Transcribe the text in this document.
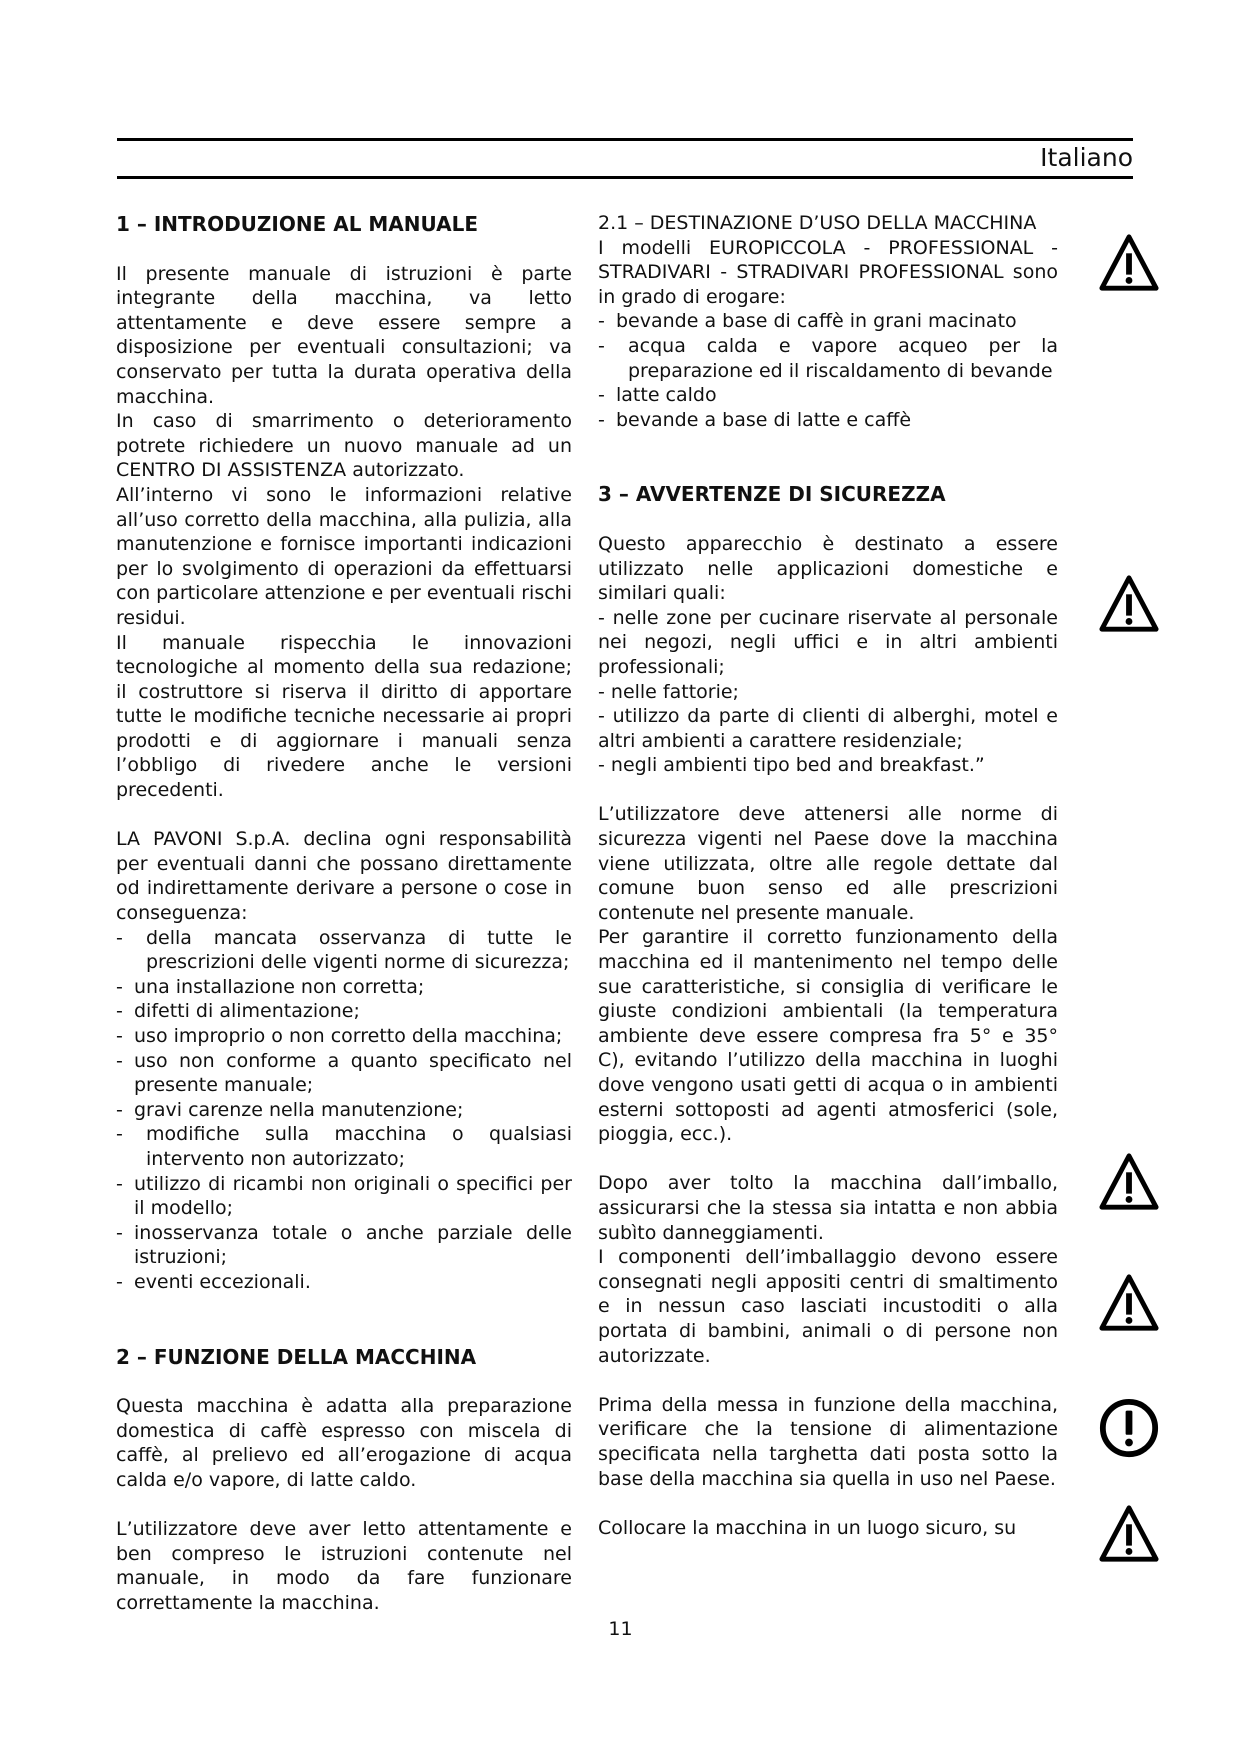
Italiano
1 – INTRODUZIONE AL MANUALE

Il presente manuale di istruzioni è parte integrante della macchina, va letto attentamente e deve essere sempre a disposizione per eventuali consultazioni; va conservato per tutta la durata operativa della macchina.

In caso di smarrimento o deterioramento potrete richiedere un nuovo manuale ad un CENTRO DI ASSISTENZA autorizzato.

All’interno vi sono le informazioni relative all’uso corretto della macchina, alla pulizia, alla manutenzione e fornisce importanti indicazioni per lo svolgimento di operazioni da effettuarsi con particolare attenzione e per eventuali rischi residui.

Il manuale rispecchia le innovazioni tecnologiche al momento della sua redazione; il costruttore si riserva il diritto di apportare tutte le modifiche tecniche necessarie ai propri prodotti e di aggiornare i manuali senza l’obbligo di rivedere anche le versioni precedenti.

LA PAVONI S.p.A. declina ogni responsabilità per eventuali danni che possano direttamente od indirettamente derivare a persone o cose in conseguenza:

-	della mancata osservanza di tutte le prescrizioni delle vigenti norme di sicurezza;
- una installazione non corretta;
- difetti di alimentazione;
- uso improprio o non corretto della macchina;
- uso non conforme a quanto specificato nel presente manuale;
- gravi carenze nella manutenzione;
-	modifiche sulla macchina o qualsiasi intervento non autorizzato;
- utilizzo di ricambi non originali o specifici per il modello;
- inosservanza totale o anche parziale delle istruzioni;
- eventi eccezionali.
2 – FUNZIONE DELLA MACCHINA

Questa macchina è adatta alla preparazione domestica di caffè espresso con miscela di caffè, al prelievo ed all’erogazione di acqua calda e/o vapore, di latte caldo.

L’utilizzatore deve aver letto attentamente e ben compreso le istruzioni contenute nel manuale, in modo da fare funzionare correttamente la macchina.

2.1 – DESTINAZIONE D’USO DELLA MACCHINA

I modelli EUROPICCOLA - PROFESSIONAL - STRADIVARI - STRADIVARI PROFESSIONAL sono in grado di erogare:

- bevande a base di caffè in grani macinato
-	acqua calda e vapore acqueo per la preparazione ed il riscaldamento di bevande
- latte caldo
- bevande a base di latte e caffè
3 – AVVERTENZE DI SICUREZZA

Questo apparecchio è destinato a essere utilizzato nelle applicazioni domestiche e similari quali:

- nelle zone per cucinare riservate al personale nei negozi, negli uffici e in altri ambienti professionali;

- nelle fattorie;

- utilizzo da parte di clienti di alberghi, motel e altri ambienti a carattere residenziale;

- negli ambienti tipo bed and breakfast.”

L’utilizzatore deve attenersi alle norme di sicurezza vigenti nel Paese dove la macchina viene utilizzata, oltre alle regole dettate dal comune buon senso ed alle prescrizioni contenute nel presente manuale.

Per garantire il corretto funzionamento della macchina ed il mantenimento nel tempo delle sue caratteristiche, si consiglia di verificare le giuste condizioni ambientali (la temperatura ambiente deve essere compresa fra 5° e 35° C), evitando l’utilizzo della macchina in luoghi dove vengono usati getti di acqua o in ambienti esterni sottoposti ad agenti atmosferici (sole, pioggia, ecc.).

Dopo aver tolto la macchina dall’imballo, assicurarsi che la stessa sia intatta e non abbia subìto danneggiamenti.

I componenti dell’imballaggio devono essere consegnati negli appositi centri di smaltimento e in nessun caso lasciati incustoditi o alla portata di bambini, animali o di persone non autorizzate.

Prima della messa in funzione della macchina, verificare che la tensione di alimentazione specificata nella targhetta dati posta sotto la base della macchina sia quella in uso nel Paese.

Collocare la macchina in un luogo sicuro, su

11
